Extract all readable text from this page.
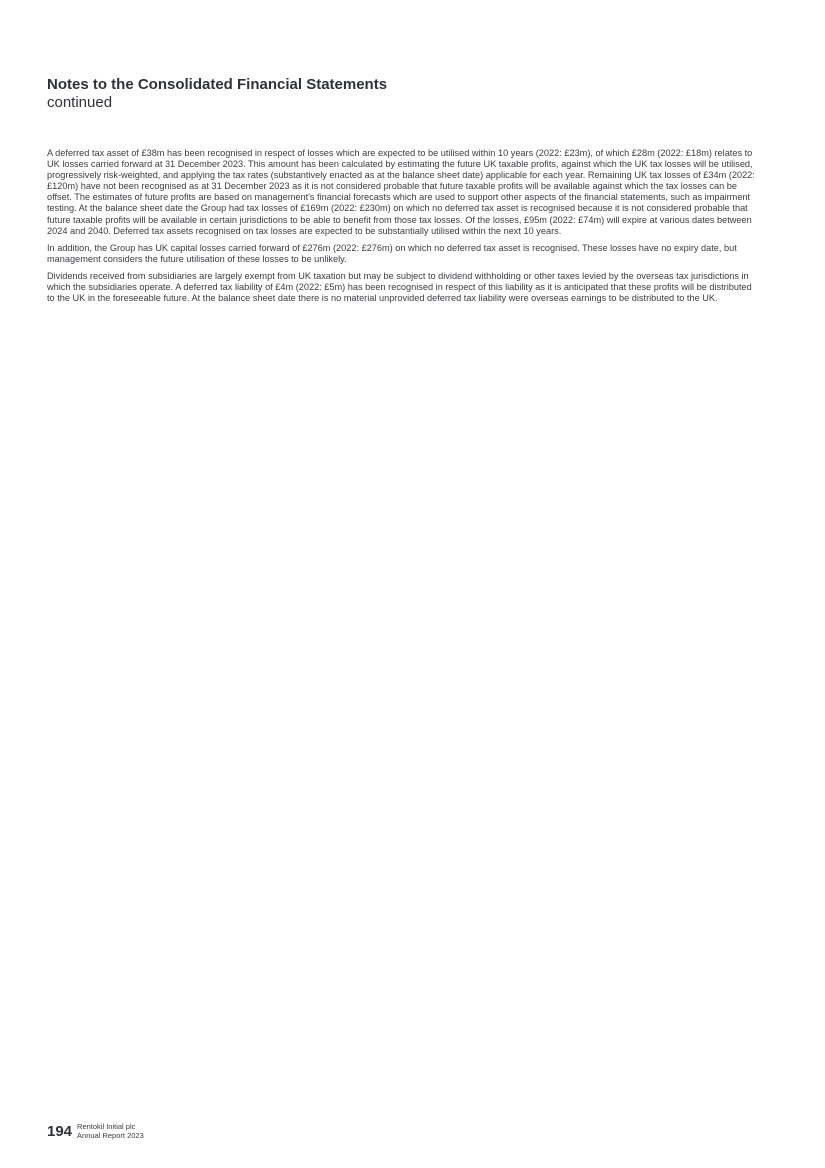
Notes to the Consolidated Financial Statements
continued

A deferred tax asset of £38m has been recognised in respect of losses which are expected to be utilised within 10 years (2022: £23m), of which £28m (2022: £18m) relates to UK losses carried forward at 31 December 2023. This amount has been calculated by estimating the future UK taxable profits, against which the UK tax losses will be utilised, progressively risk-weighted, and applying the tax rates (substantively enacted as at the balance sheet date) applicable for each year. Remaining UK tax losses of £34m (2022: £120m) have not been recognised as at 31 December 2023 as it is not considered probable that future taxable profits will be available against which the tax losses can be offset. The estimates of future profits are based on management's financial forecasts which are used to support other aspects of the financial statements, such as impairment testing. At the balance sheet date the Group had tax losses of £169m (2022: £230m) on which no deferred tax asset is recognised because it is not considered probable that future taxable profits will be available in certain jurisdictions to be able to benefit from those tax losses. Of the losses, £95m (2022: £74m) will expire at various dates between 2024 and 2040. Deferred tax assets recognised on tax losses are expected to be substantially utilised within the next 10 years.

In addition, the Group has UK capital losses carried forward of £276m (2022: £276m) on which no deferred tax asset is recognised. These losses have no expiry date, but management considers the future utilisation of these losses to be unlikely.

Dividends received from subsidiaries are largely exempt from UK taxation but may be subject to dividend withholding or other taxes levied by the overseas tax jurisdictions in which the subsidiaries operate. A deferred tax liability of £4m (2022: £5m) has been recognised in respect of this liability as it is anticipated that these profits will be distributed to the UK in the foreseeable future. At the balance sheet date there is no material unprovided deferred tax liability were overseas earnings to be distributed to the UK.

194 Rentokil Initial plc
Annual Report 2023
